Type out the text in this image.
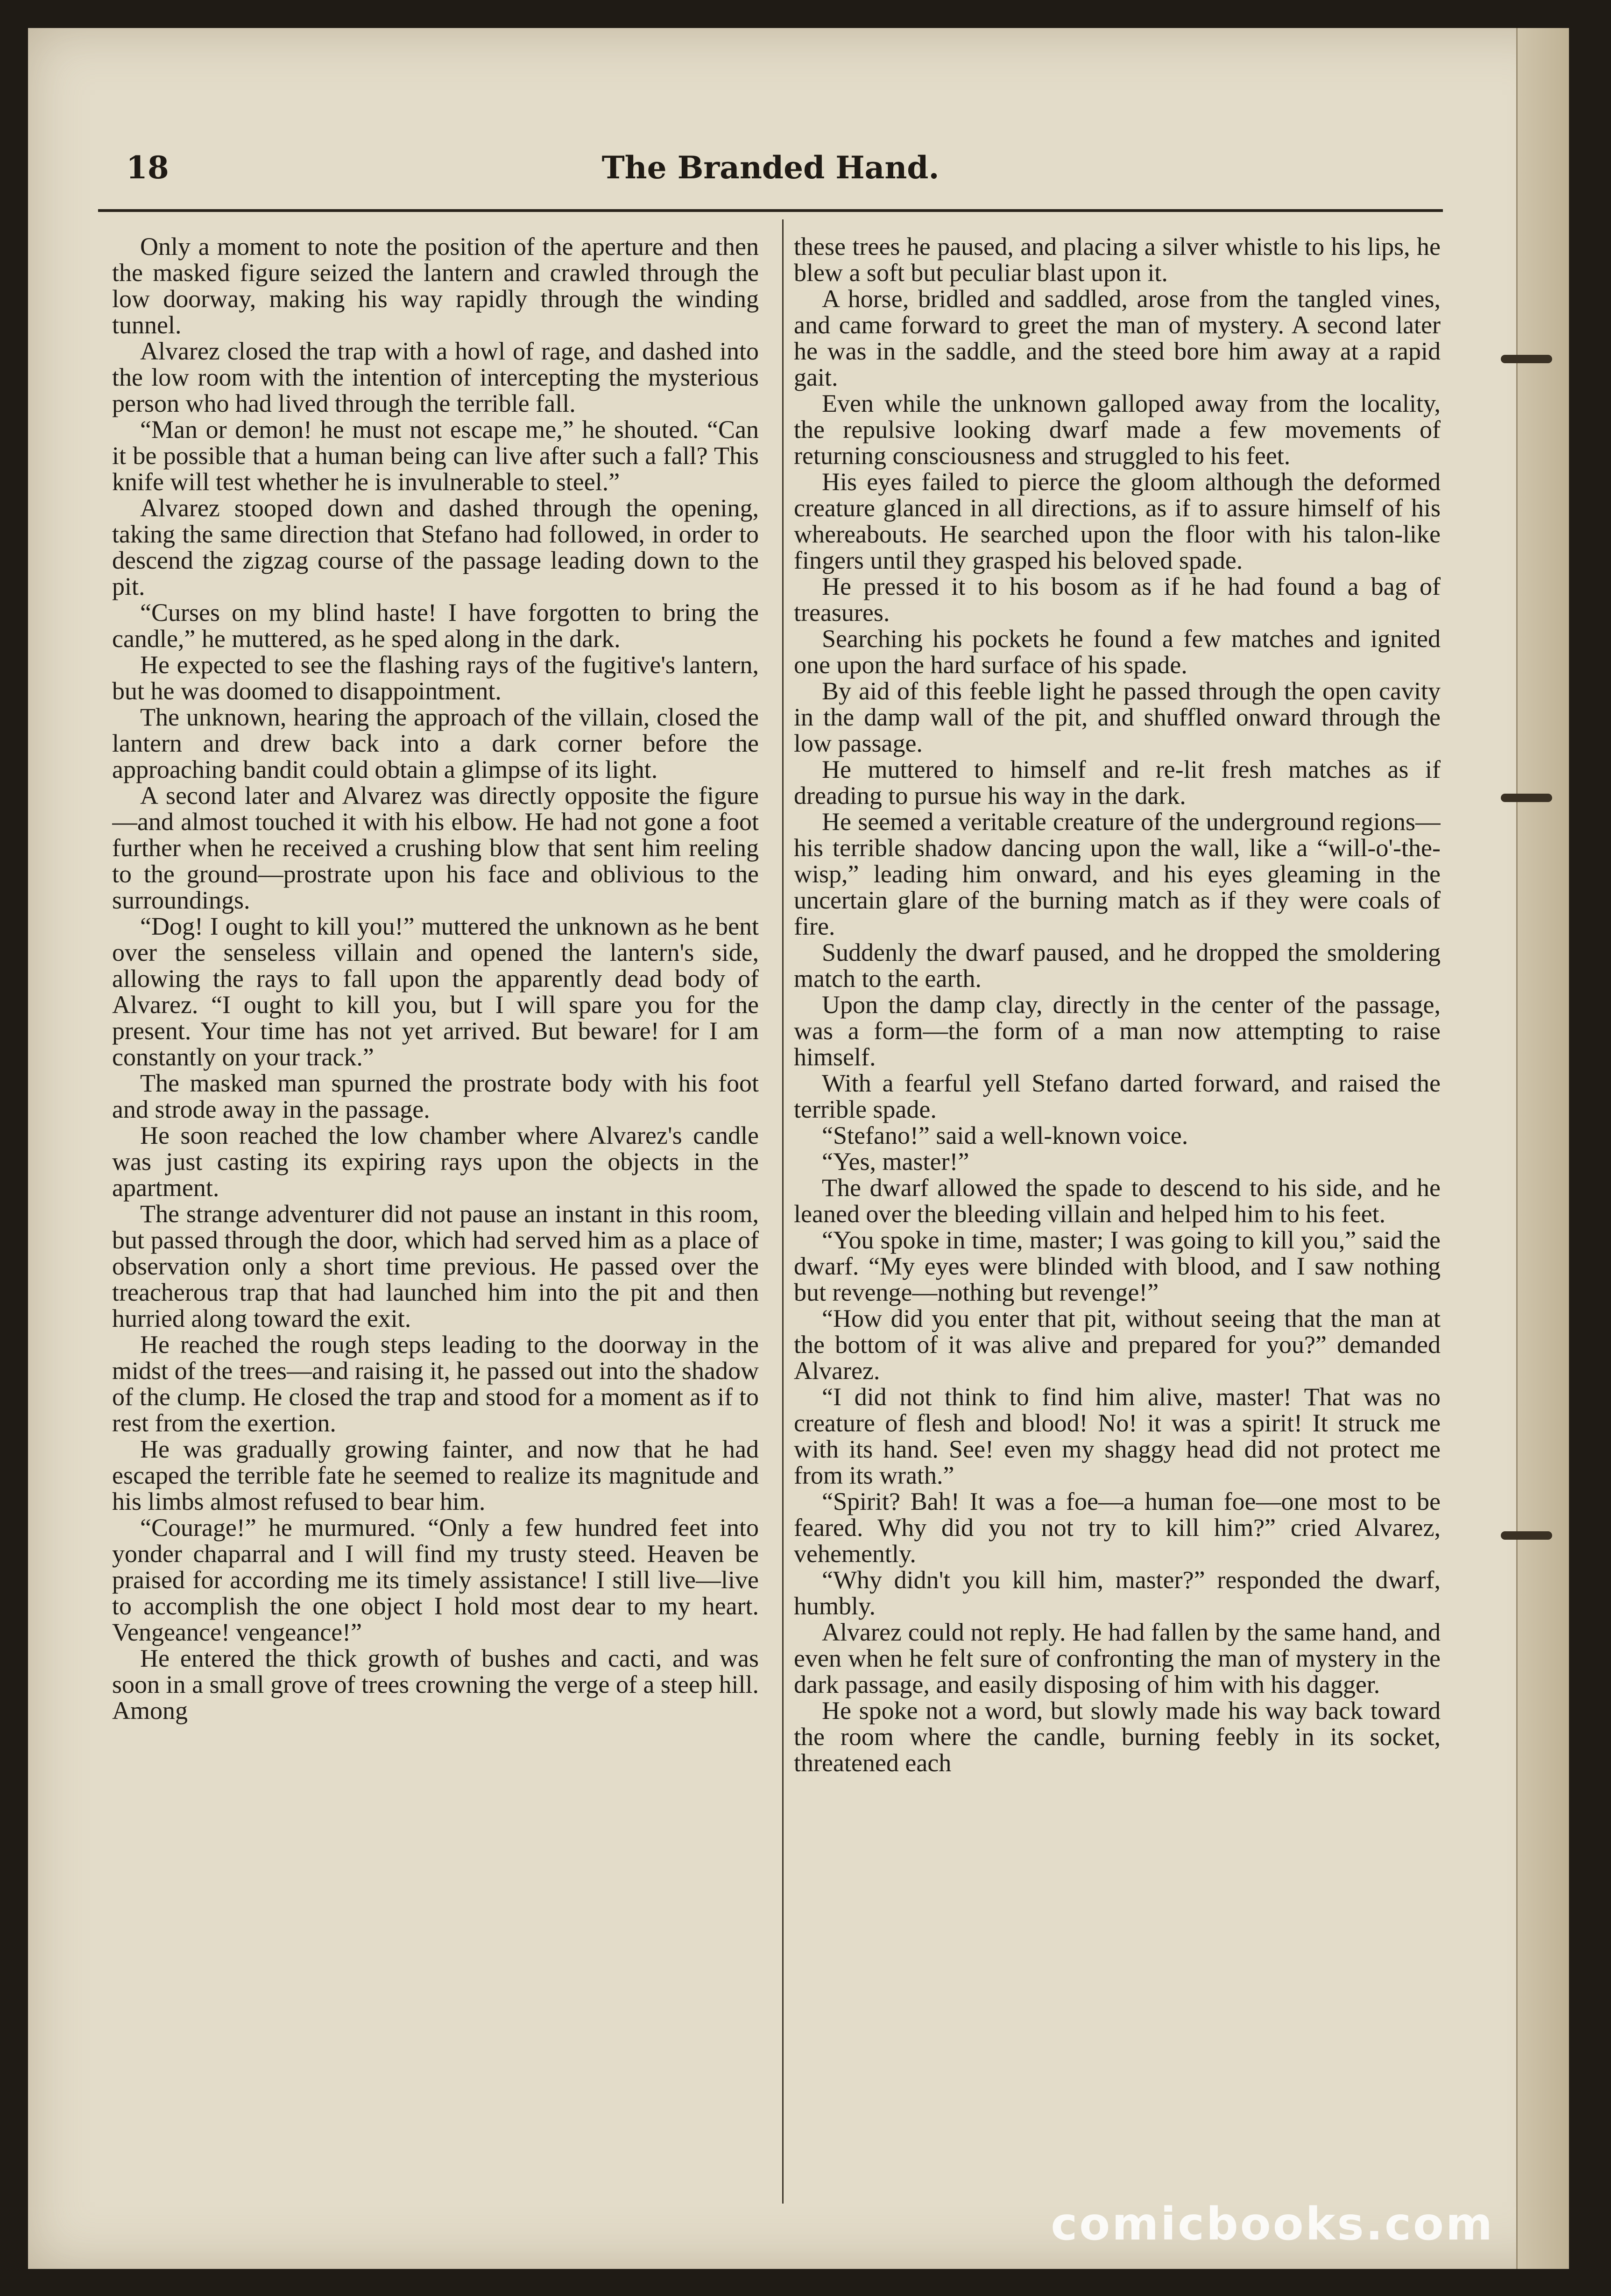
18	The Branded Hand.

Only a moment to note the position of the aperture and then the masked figure seized the lantern and crawled through the low doorway, making his way rapidly through the winding tunnel.

Alvarez closed the trap with a howl of rage, and dashed into the low room with the intention of intercepting the mysterious person who had lived through the terrible fall.

“Man or demon! he must not escape me,” he shouted. “Can it be possible that a human being can live after such a fall? This knife will test whether he is invulnerable to steel.”

Alvarez stooped down and dashed through the opening, taking the same direction that Stefano had followed, in order to descend the zigzag course of the passage leading down to the pit.

“Curses on my blind haste! I have forgotten to bring the candle,” he muttered, as he sped along in the dark.

He expected to see the flashing rays of the fugitive's lantern, but he was doomed to disappointment.

The unknown, hearing the approach of the villain, closed the lantern and drew back into a dark corner before the approaching bandit could obtain a glimpse of its light.

A second later and Alvarez was directly opposite the figure—and almost touched it with his elbow. He had not gone a foot further when he received a crushing blow that sent him reeling to the ground—prostrate upon his face and oblivious to the surroundings.

“Dog! I ought to kill you!” muttered the unknown as he bent over the senseless villain and opened the lantern's side, allowing the rays to fall upon the apparently dead body of Alvarez. “I ought to kill you, but I will spare you for the present. Your time has not yet arrived. But beware! for I am constantly on your track.”

The masked man spurned the prostrate body with his foot and strode away in the passage.

He soon reached the low chamber where Alvarez's candle was just casting its expiring rays upon the objects in the apartment.

The strange adventurer did not pause an instant in this room, but passed through the door, which had served him as a place of observation only a short time previous. He passed over the treacherous trap that had launched him into the pit and then hurried along toward the exit.

He reached the rough steps leading to the doorway in the midst of the trees—and raising it, he passed out into the shadow of the clump. He closed the trap and stood for a moment as if to rest from the exertion.

He was gradually growing fainter, and now that he had escaped the terrible fate he seemed to realize its magnitude and his limbs almost refused to bear him.

“Courage!” he murmured. “Only a few hundred feet into yonder chaparral and I will find my trusty steed. Heaven be praised for according me its timely assistance! I still live—live to accomplish the one object I hold most dear to my heart. Vengeance! vengeance!”

He entered the thick growth of bushes and cacti, and was soon in a small grove of trees crowning the verge of a steep hill. Among

these trees he paused, and placing a silver whistle to his lips, he blew a soft but peculiar blast upon it.

A horse, bridled and saddled, arose from the tangled vines, and came forward to greet the man of mystery. A second later he was in the saddle, and the steed bore him away at a rapid gait.

Even while the unknown galloped away from the locality, the repulsive looking dwarf made a few movements of returning consciousness and struggled to his feet.

His eyes failed to pierce the gloom although the deformed creature glanced in all directions, as if to assure himself of his whereabouts. He searched upon the floor with his talon-like fingers until they grasped his beloved spade.

He pressed it to his bosom as if he had found a bag of treasures.

Searching his pockets he found a few matches and ignited one upon the hard surface of his spade.

By aid of this feeble light he passed through the open cavity in the damp wall of the pit, and shuffled onward through the low passage.

He muttered to himself and re-lit fresh matches as if dreading to pursue his way in the dark.

He seemed a veritable creature of the underground regions—his terrible shadow dancing upon the wall, like a “will-o'-the-wisp,” leading him onward, and his eyes gleaming in the uncertain glare of the burning match as if they were coals of fire.

Suddenly the dwarf paused, and he dropped the smoldering match to the earth.

Upon the damp clay, directly in the center of the passage, was a form—the form of a man now attempting to raise himself.

With a fearful yell Stefano darted forward, and raised the terrible spade.

“Stefano!” said a well-known voice.

“Yes, master!”

The dwarf allowed the spade to descend to his side, and he leaned over the bleeding villain and helped him to his feet.

“You spoke in time, master; I was going to kill you,” said the dwarf. “My eyes were blinded with blood, and I saw nothing but revenge—nothing but revenge!”

“How did you enter that pit, without seeing that the man at the bottom of it was alive and prepared for you?” demanded Alvarez.

“I did not think to find him alive, master! That was no creature of flesh and blood! No! it was a spirit! It struck me with its hand. See! even my shaggy head did not protect me from its wrath.”

“Spirit? Bah! It was a foe—a human foe—one most to be feared. Why did you not try to kill him?” cried Alvarez, vehemently.

“Why didn't you kill him, master?” responded the dwarf, humbly.

Alvarez could not reply. He had fallen by the same hand, and even when he felt sure of confronting the man of mystery in the dark passage, and easily disposing of him with his dagger.

He spoke not a word, but slowly made his way back toward the room where the candle, burning feebly in its socket, threatened each

comicbooks.com
